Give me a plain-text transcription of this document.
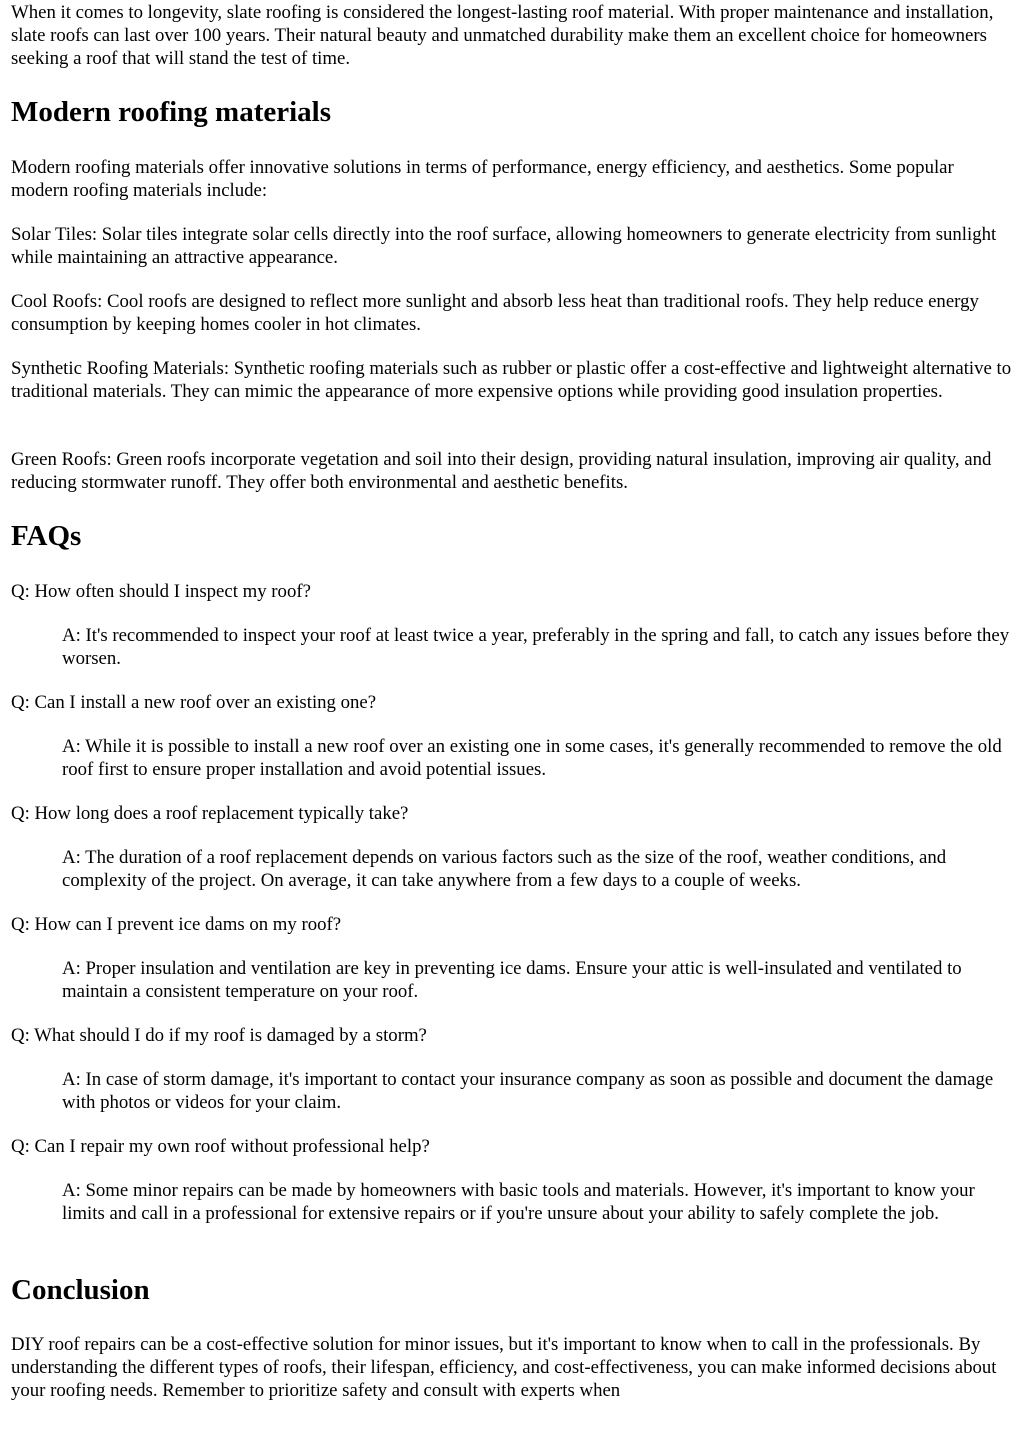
When it comes to longevity, slate roofing is considered the longest-lasting roof material. With proper maintenance and installation, slate roofs can last over 100 years. Their natural beauty and unmatched durability make them an excellent choice for homeowners seeking a roof that will stand the test of time.

Modern roofing materials

Modern roofing materials offer innovative solutions in terms of performance, energy efficiency, and aesthetics. Some popular modern roofing materials include:

Solar Tiles: Solar tiles integrate solar cells directly into the roof surface, allowing homeowners to generate electricity from sunlight while maintaining an attractive appearance.

Cool Roofs: Cool roofs are designed to reflect more sunlight and absorb less heat than traditional roofs. They help reduce energy consumption by keeping homes cooler in hot climates.

Synthetic Roofing Materials: Synthetic roofing materials such as rubber or plastic offer a cost-effective and lightweight alternative to traditional materials. They can mimic the appearance of more expensive options while providing good insulation properties.

Green Roofs: Green roofs incorporate vegetation and soil into their design, providing natural insulation, improving air quality, and reducing stormwater runoff. They offer both environmental and aesthetic benefits.

FAQs

Q: How often should I inspect my roof?

A: It's recommended to inspect your roof at least twice a year, preferably in the spring and fall, to catch any issues before they worsen.

Q: Can I install a new roof over an existing one?

A: While it is possible to install a new roof over an existing one in some cases, it's generally recommended to remove the old roof first to ensure proper installation and avoid potential issues.

Q: How long does a roof replacement typically take?

A: The duration of a roof replacement depends on various factors such as the size of the roof, weather conditions, and complexity of the project. On average, it can take anywhere from a few days to a couple of weeks.

Q: How can I prevent ice dams on my roof?

A: Proper insulation and ventilation are key in preventing ice dams. Ensure your attic is well-insulated and ventilated to maintain a consistent temperature on your roof.

Q: What should I do if my roof is damaged by a storm?

A: In case of storm damage, it's important to contact your insurance company as soon as possible and document the damage with photos or videos for your claim.

Q: Can I repair my own roof without professional help?

A: Some minor repairs can be made by homeowners with basic tools and materials. However, it's important to know your limits and call in a professional for extensive repairs or if you're unsure about your ability to safely complete the job.

Conclusion

DIY roof repairs can be a cost-effective solution for minor issues, but it's important to know when to call in the professionals. By understanding the different types of roofs, their lifespan, efficiency, and cost-effectiveness, you can make informed decisions about your roofing needs. Remember to prioritize safety and consult with experts when
